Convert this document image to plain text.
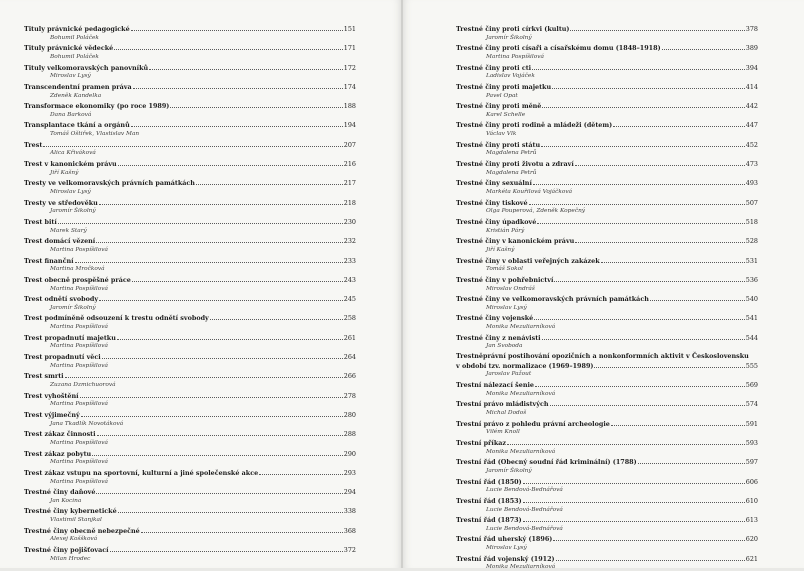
Tituly právnické pedagogické	151
Bohumil Poláček
Tituly právnické vědecké	171
Bohumil Poláček
Tituly velkomoravských panovníků	172
Miroslav Lysý
Transcendentní pramen práva	174
Zdeněk Kandelka
Transformace ekonomiky (po roce 1989)	188
Dana Barková
Transplantace tkání a orgánů	194
Tomáš Oštiřek, Vlastislav Man
Trest	207
Alica Křiváková
Trest v kanonickém právu	216
Jiří Kašný
Tresty ve velkomoravských právních památkách	217
Miroslav Lysý
Tresty ve středověku	218
Jaromír Šikolný
Trest bití	230
Marek Starý
Trest domácí vězení	232
Martina Pospíšilová
Trest finanční	233
Martina Mročková
Trest obecně prospěšné práce	243
Martina Pospíšilová
Trest odnětí svobody	245
Jaromír Šikolný
Trest podmíněně odsouzení k trestu odnětí svobody	258
Martina Pospíšilová
Trest propadnutí majetku	261
Martina Pospíšilová
Trest propadnutí věci	264
Martina Pospíšilová
Trest smrti	266
Zuzana Dzmichuorová
Trest vyhoštění	278
Martina Pospíšilová
Trest výjimečný	280
Jana Tkadlík Novotáková
Trest zákaz činnosti	288
Martina Pospíšilová
Trest zákaz pobytu	290
Martina Pospíšilová
Trest zákaz vstupu na sportovní, kulturní a jiné společenské akce	293
Martina Pospíšilová
Trestné činy daňové	294
Jan Kocina
Trestné činy kybernetické	338
Vlastimil Stanjkal
Trestné činy obecně nebezpečné	368
Alexej Koššková
Trestné činy pojišťovací	372
Milan Hrodec
Trestné činy proti církvi (kultu)	378
Jaromír Šikolný
Trestné činy proti císaři a císařskému domu (1848–1918)	389
Martina Pospíšilová
Trestné činy proti cti	394
Ladislav Vojáček
Trestné činy proti majetku	414
Pavel Opat
Trestné činy proti měně	442
Karel Schelle
Trestné činy proti rodině a mládeži (dětem)	447
Václav Vlk
Trestné činy proti státu	452
Magdalena Petrů
Trestné činy proti životu a zdraví	473
Magdalena Petrů
Trestné činy sexuální	493
Markéta Kouřilová Vojáčková
Trestné činy tiskové	507
Olga Pouperová, Zdeněk Kopečný
Trestné činy úpadkové	518
Kristián Párý
Trestné činy v kanonickém právu	528
Jiří Kašný
Trestné činy v oblasti veřejných zakázek	531
Tomáš Sokol
Trestné činy v pohřebnictví	536
Miroslav Ondráš
Trestné činy ve velkomoravských právních památkách	540
Miroslav Lysý
Trestné činy vojenské	541
Monika Mezuliarníková
Trestné činy z nenávisti	544
Jan Svoboda
Trestněprávní postihování opozičních a nonkonformních aktivit v Československu
v období tzv. normalizace (1969–1989)	555
Jaroslav Pažout
Trestní nálezací šenie	569
Monika Mezuliarníková
Trestní právo mládistvých	574
Michal Dodoš
Trestní právo z pohledu právní archeologie	591
Vilém Knoll
Trestní příkaz	593
Monika Mezuliarníková
Trestní řád (Obecný soudní řád kriminální) (1788)	597
Jaromír Šikolný
Trestní řád (1850)	606
Lucie Bendová-Bednářová
Trestní řád (1853)	610
Lucie Bendová-Bednářová
Trestní řád (1873)	613
Lucie Bendová-Bednářová
Trestní řád uherský (1896)	620
Miroslav Lysý
Trestní řád vojenský (1912)	621
Monika Mezuliarníková
